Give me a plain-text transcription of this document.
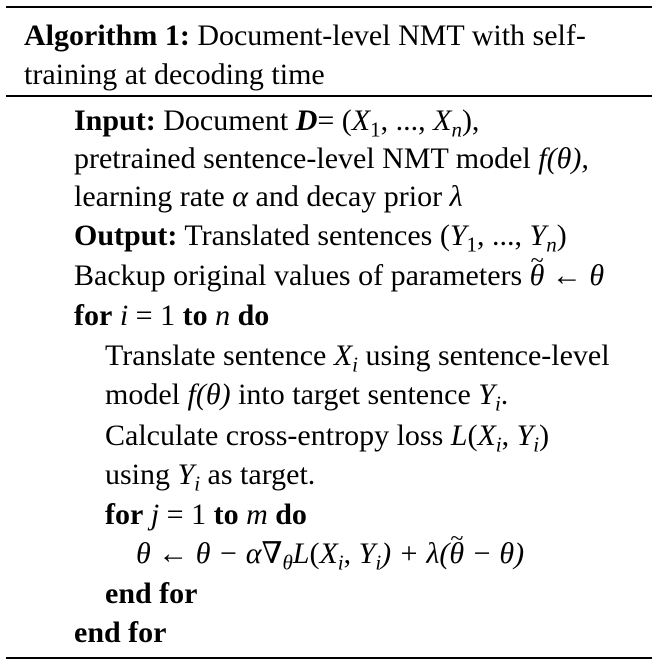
Algorithm 1: Document-level NMT with self-
training at decoding time
Input: Document $D= (X_1$, ..., $X_n$),
pretrained sentence-level NMT model f(θ),
learning rate α and decay prior λ
Output: Translated sentences ($Y_1$, ..., $Y_n$)
Backup original values of parameters ~ θ ← θ
for i = 1 to n do
Translate sentence $X_i$ using sentence-level
model f(θ) into target sentence $Y_i$.
Calculate cross-entropy loss $L(X_i$, $Y_i$)
using $Y_i$ as target.
for j = 1 to m do
θ ← $\theta - \alpha\nabla_\theta L(X_i$, $Y_i$) + λ(~ θ − θ)
end for
end for
